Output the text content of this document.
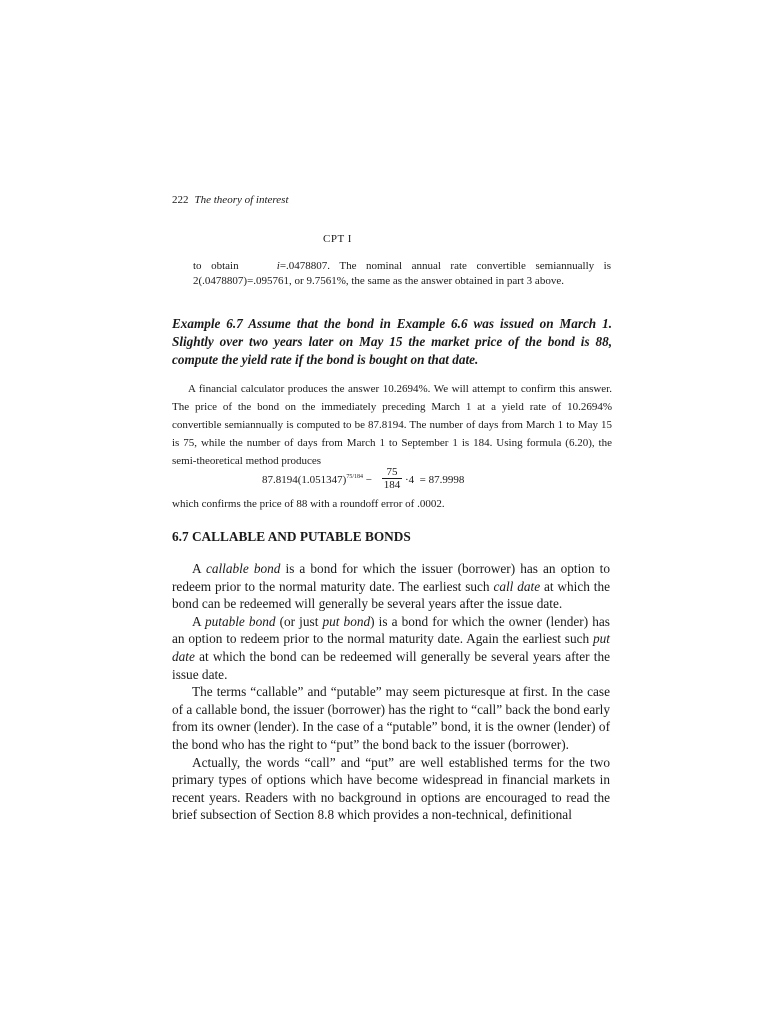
222 The theory of interest
CPT I
to obtain	i=.0478807. The nominal annual rate convertible semiannually is 2(.0478807)=.095761, or 9.7561%, the same as the answer obtained in part 3 above.
Example 6.7 Assume that the bond in Example 6.6 was issued on March 1. Slightly over two years later on May 15 the market price of the bond is 88, compute the yield rate if the bond is bought on that date.
A financial calculator produces the answer 10.2694%. We will attempt to confirm this answer. The price of the bond on the immediately preceding March 1 at a yield rate of 10.2694% convertible semiannually is computed to be 87.8194. The number of days from March 1 to May 15 is 75, while the number of days from March 1 to September 1 is 184. Using formula (6.20), the semi-theoretical method produces
$87.8194(1.051347)^{75/184} - \frac{75}{184} \cdot 4 = 87.9998$
which confirms the price of 88 with a roundoff error of .0002.
6.7 CALLABLE AND PUTABLE BONDS

A callable bond is a bond for which the issuer (borrower) has an option to redeem prior to the normal maturity date. The earliest such call date at which the bond can be redeemed will generally be several years after the issue date.

A putable bond (or just put bond) is a bond for which the owner (lender) has an option to redeem prior to the normal maturity date. Again the earliest such put date at which the bond can be redeemed will generally be several years after the issue date.

The terms “callable” and “putable” may seem picturesque at first. In the case of a callable bond, the issuer (borrower) has the right to “call” back the bond early from its owner (lender). In the case of a “putable” bond, it is the owner (lender) of the bond who has the right to “put” the bond back to the issuer (borrower).

Actually, the words “call” and “put” are well established terms for the two primary types of options which have become widespread in financial markets in recent years. Readers with no background in options are encouraged to read the brief subsection of Section 8.8 which provides a non-technical, definitional
